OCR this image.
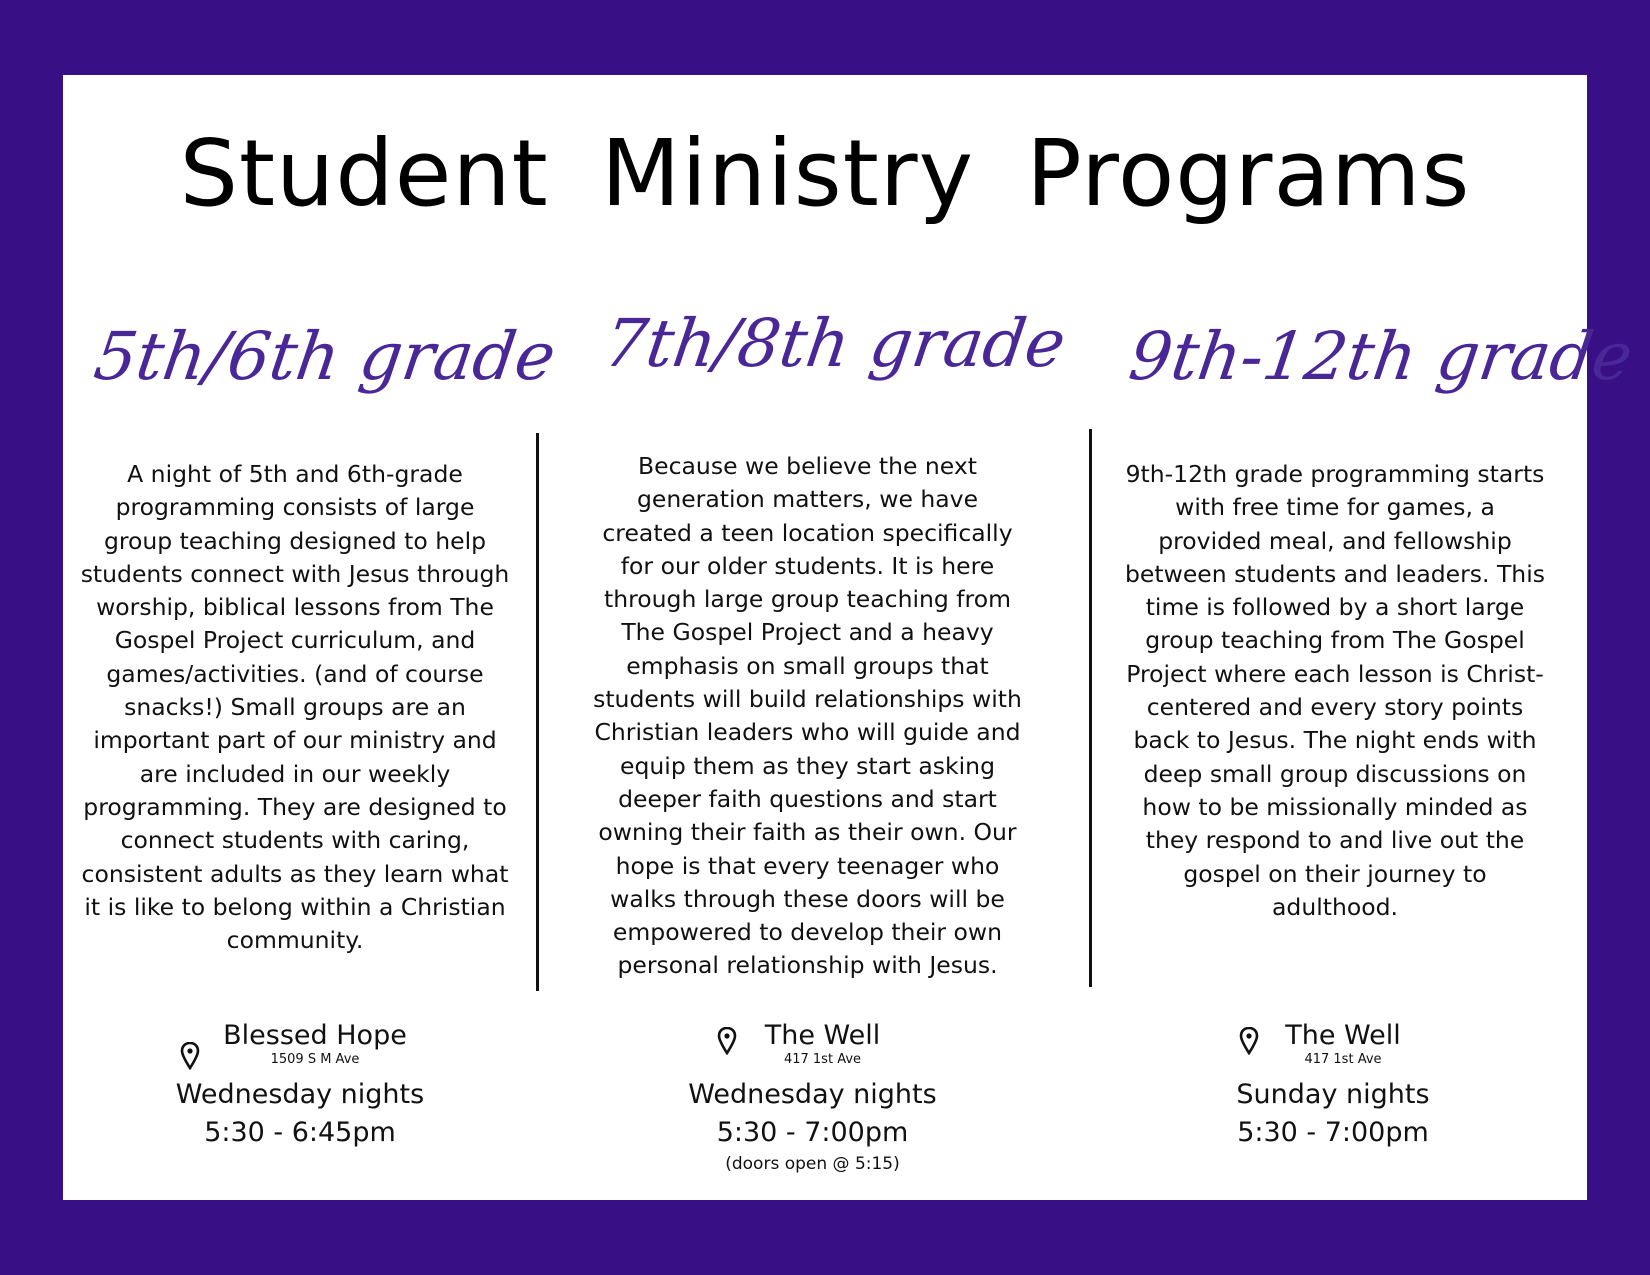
Student Ministry Programs
5th/6th grade
A night of 5th and 6th-grade programming consists of large group teaching designed to help students connect with Jesus through worship, biblical lessons from The Gospel Project curriculum, and games/activities. (and of course snacks!) Small groups are an important part of our ministry and are included in our weekly programming. They are designed to connect students with caring, consistent adults as they learn what it is like to belong within a Christian community.
7th/8th grade
Because we believe the next generation matters, we have created a teen location specifically for our older students. It is here through large group teaching from The Gospel Project and a heavy emphasis on small groups that students will build relationships with Christian leaders who will guide and equip them as they start asking deeper faith questions and start owning their faith as their own. Our hope is that every teenager who walks through these doors will be empowered to develop their own personal relationship with Jesus.
9th-12th grade
9th-12th grade programming starts with free time for games, a provided meal, and fellowship between students and leaders. This time is followed by a short large group teaching from The Gospel Project where each lesson is Christ-centered and every story points back to Jesus. The night ends with deep small group discussions on how to be missionally minded as they respond to and live out the gospel on their journey to adulthood.
Blessed Hope
1509 S M Ave
Wednesday nights
5:30 - 6:45pm
The Well
417 1st Ave
Wednesday nights
5:30 - 7:00pm
(doors open @ 5:15)
The Well
417 1st Ave
Sunday nights
5:30 - 7:00pm
